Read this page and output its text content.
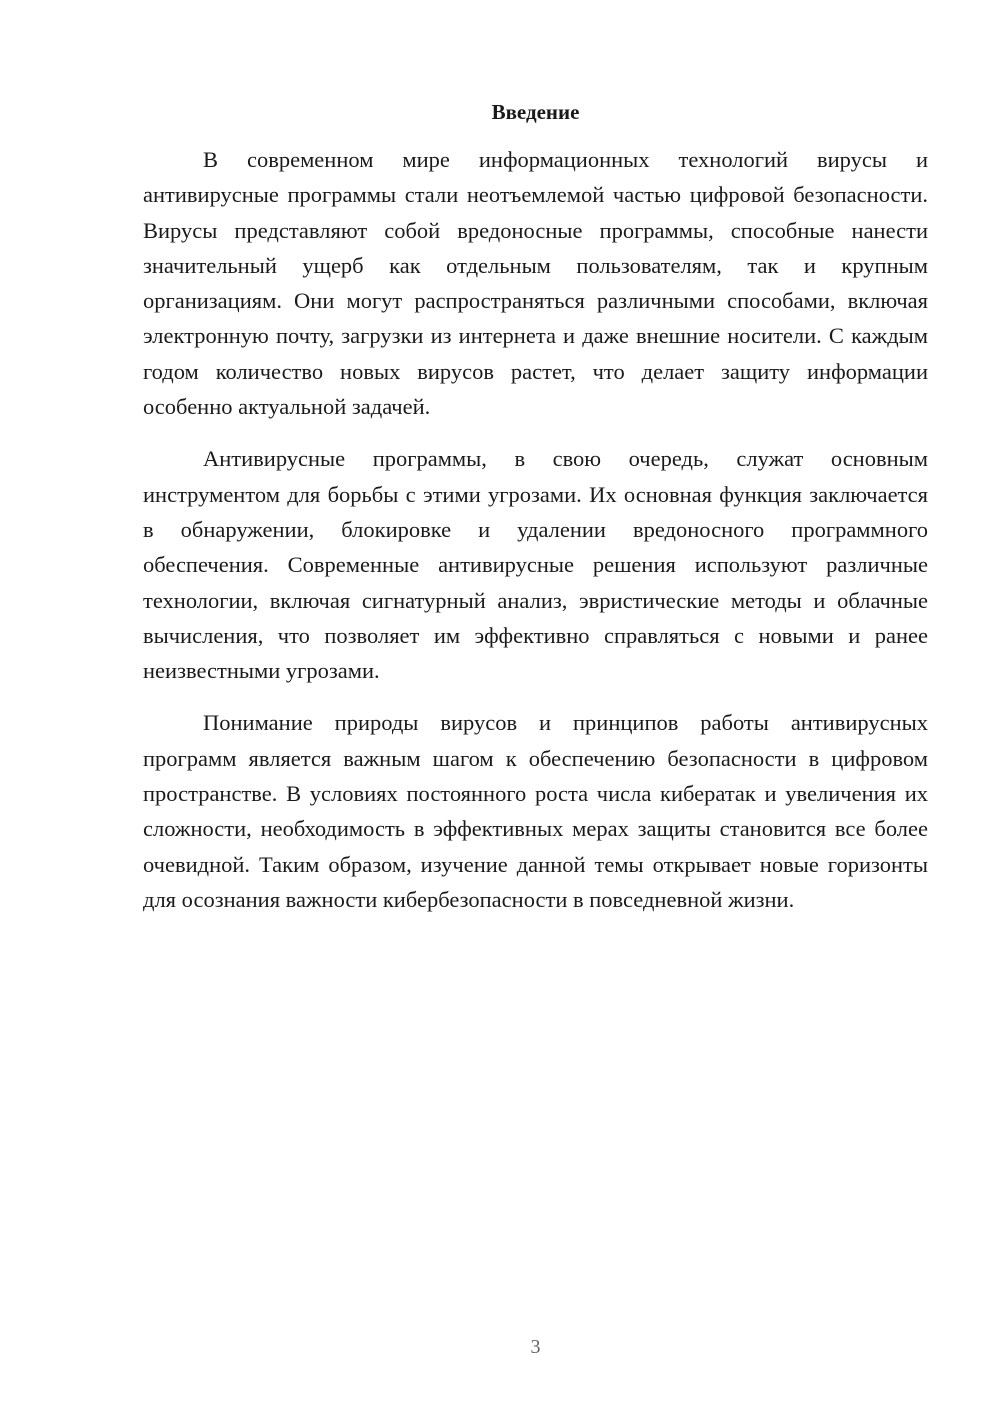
Введение

В современном мире информационных технологий вирусы и антивирусные программы стали неотъемлемой частью цифровой безопасности. Вирусы представляют собой вредоносные программы, способные нанести значительный ущерб как отдельным пользователям, так и крупным организациям. Они могут распространяться различными способами, включая электронную почту, загрузки из интернета и даже внешние носители. С каждым годом количество новых вирусов растет, что делает защиту информации особенно актуальной задачей.

Антивирусные программы, в свою очередь, служат основным инструментом для борьбы с этими угрозами. Их основная функция заключается в обнаружении, блокировке и удалении вредоносного программного обеспечения. Современные антивирусные решения используют различные технологии, включая сигнатурный анализ, эвристические методы и облачные вычисления, что позволяет им эффективно справляться с новыми и ранее неизвестными угрозами.

Понимание природы вирусов и принципов работы антивирусных программ является важным шагом к обеспечению безопасности в цифровом пространстве. В условиях постоянного роста числа кибератак и увеличения их сложности, необходимость в эффективных мерах защиты становится все более очевидной. Таким образом, изучение данной темы открывает новые горизонты для осознания важности кибербезопасности в повседневной жизни.

3
